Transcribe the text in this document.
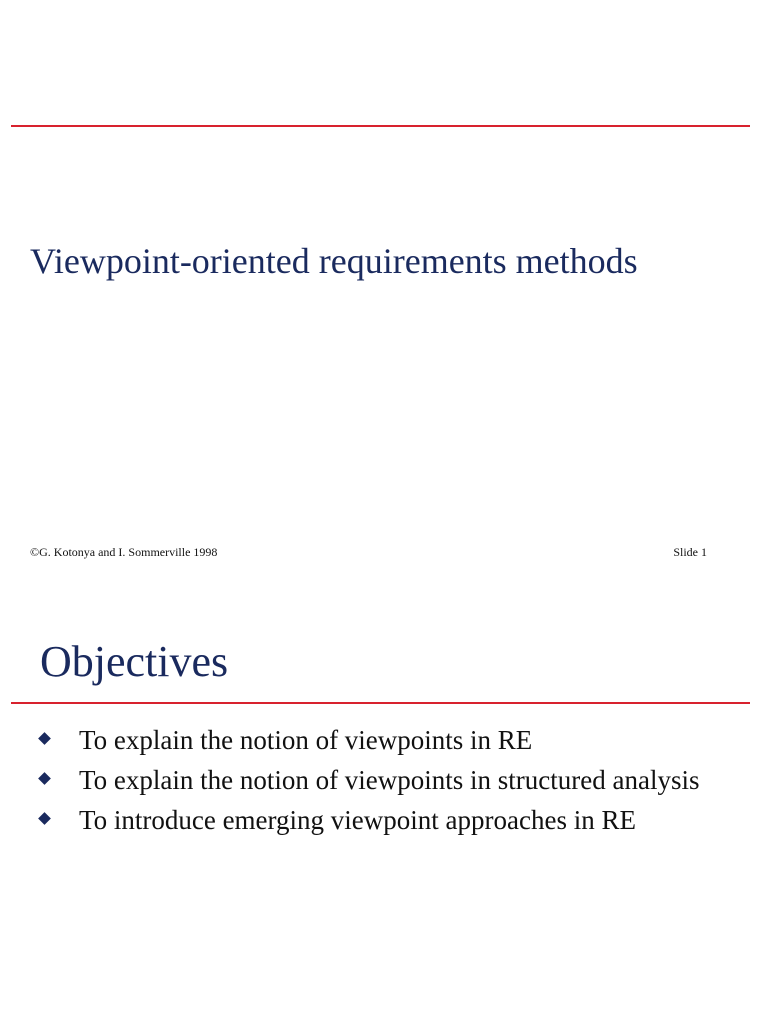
Viewpoint-oriented requirements methods
©G. Kotonya and I. Sommerville 1998	Slide 1
Objectives
To explain the notion of viewpoints in RE
To explain the notion of viewpoints in structured analysis
To introduce emerging viewpoint approaches in RE
